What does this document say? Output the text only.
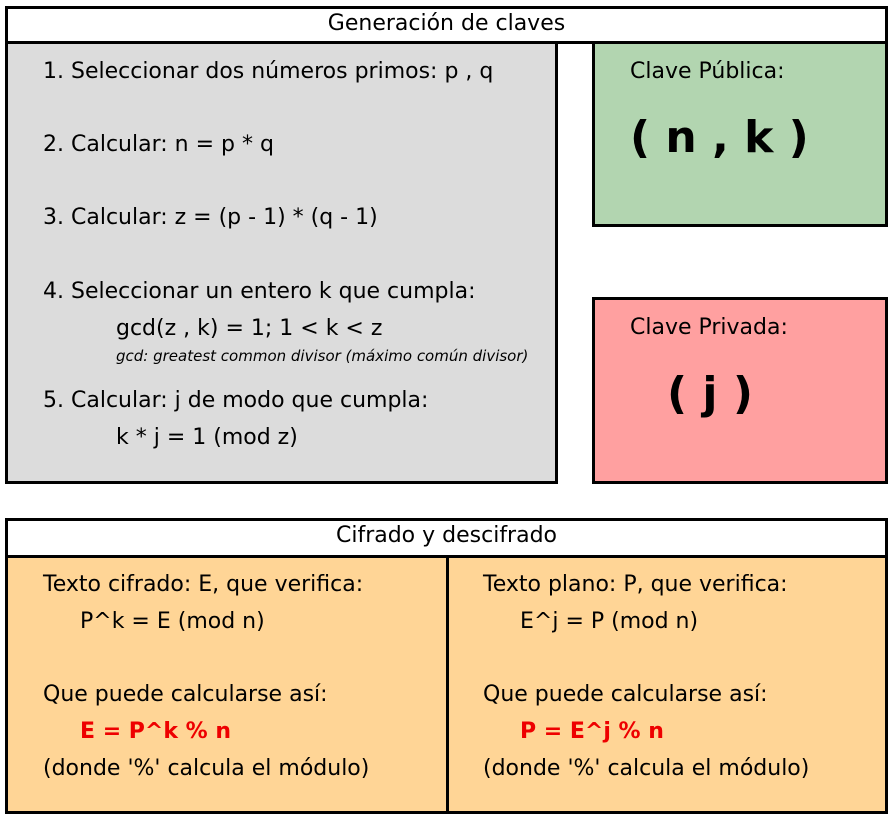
Generación de claves
1. Seleccionar dos números primos: p , q
2. Calcular: n = p * q
3. Calcular: z = (p - 1) * (q - 1)
4. Seleccionar un entero k que cumpla:
gcd(z , k) = 1; 1 < k < z
gcd: greatest common divisor (máximo común divisor)
5. Calcular: j de modo que cumpla:
k * j = 1 (mod z)
Clave Pública:
( n , k )
Clave Privada:
( j )
Cifrado y descifrado
Texto cifrado: E, que verifica:
P^k = E (mod n)
Que puede calcularse así:
E = P^k % n
(donde '%' calcula el módulo)
Texto plano: P, que verifica:
E^j = P (mod n)
Que puede calcularse así:
P = E^j % n
(donde '%' calcula el módulo)
